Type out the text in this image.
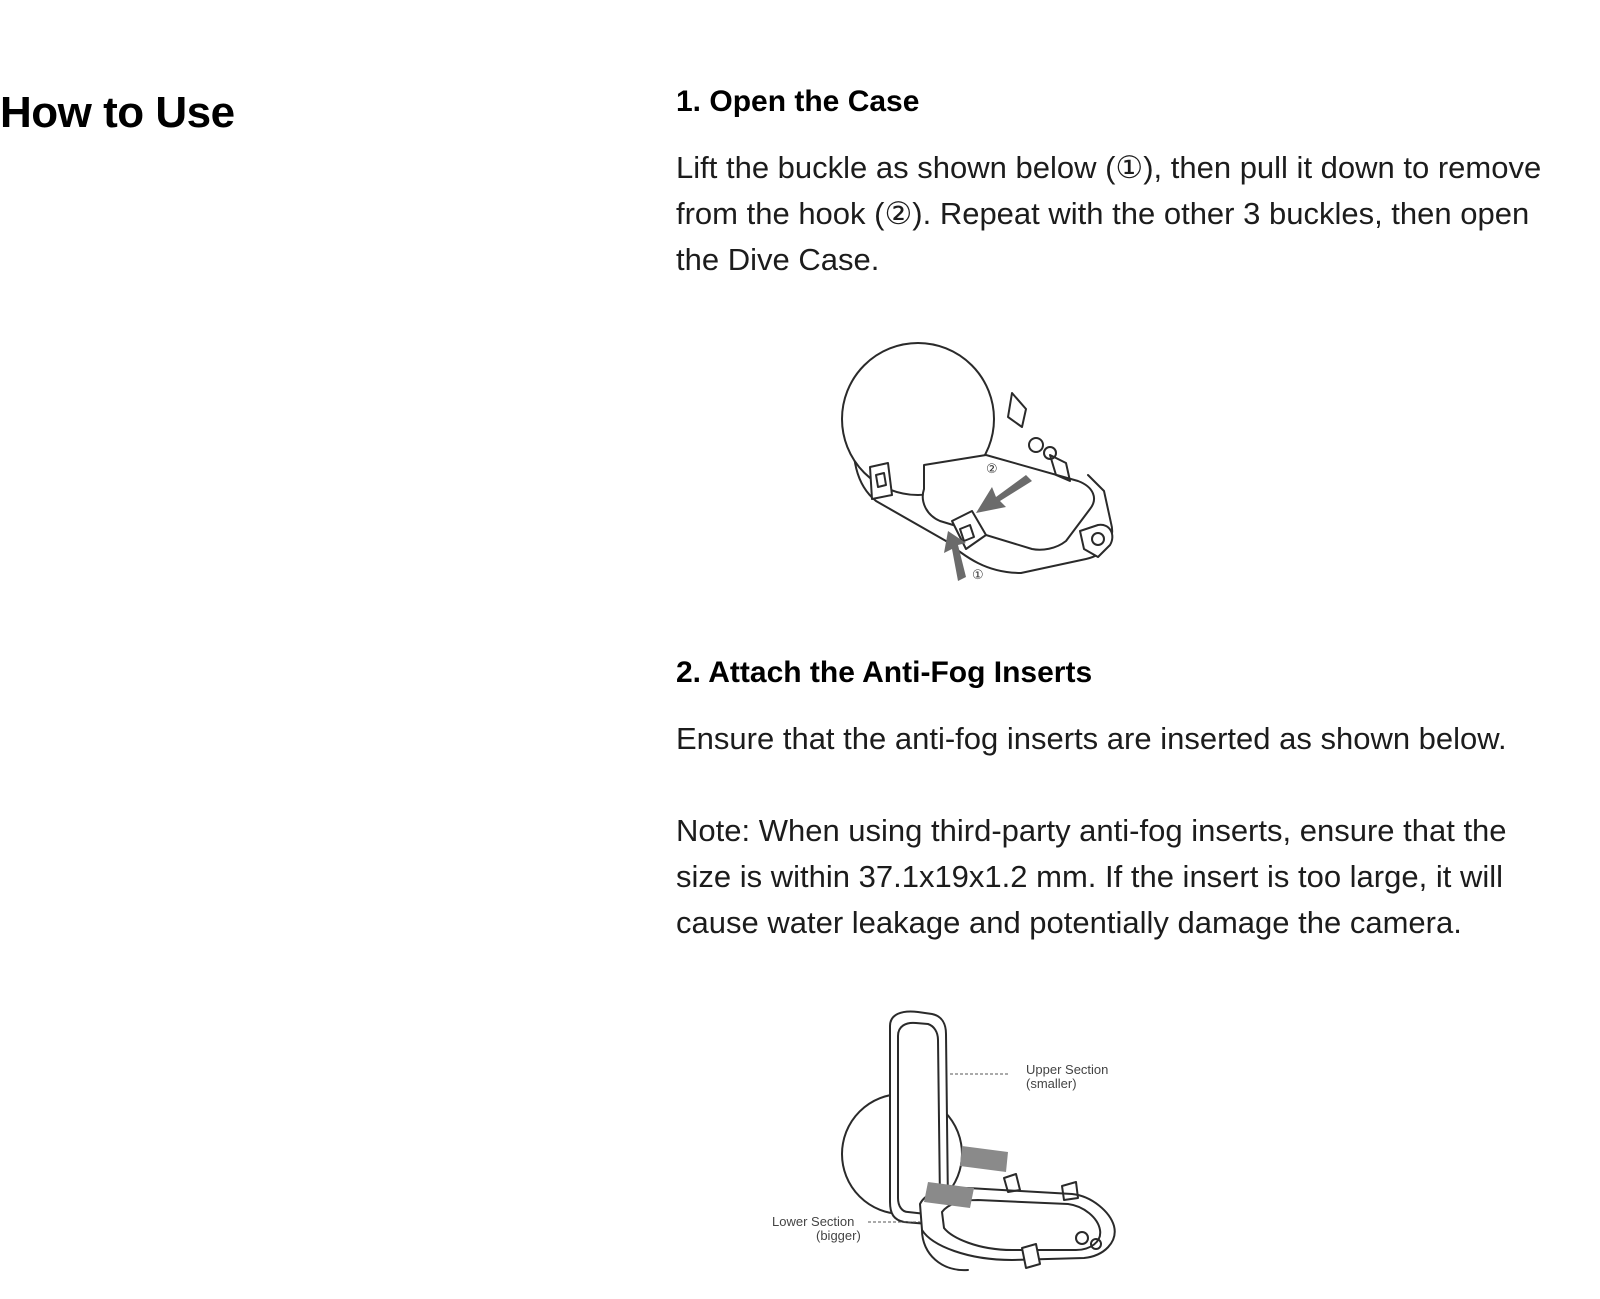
How to Use	1. Open the Case

Lift the buckle as shown below (①), then pull it down to remove from the hook (②). Repeat with the other 3 buckles, then open the Dive Case.

②
①
2. Attach the Anti-Fog Inserts

Ensure that the anti-fog inserts are inserted as shown below.

Note: When using third-party anti-fog inserts, ensure that the size is within 37.1x19x1.2 mm. If the insert is too large, it will cause water leakage and potentially damage the camera.

Upper Section
(smaller)
Lower Section
(bigger)
